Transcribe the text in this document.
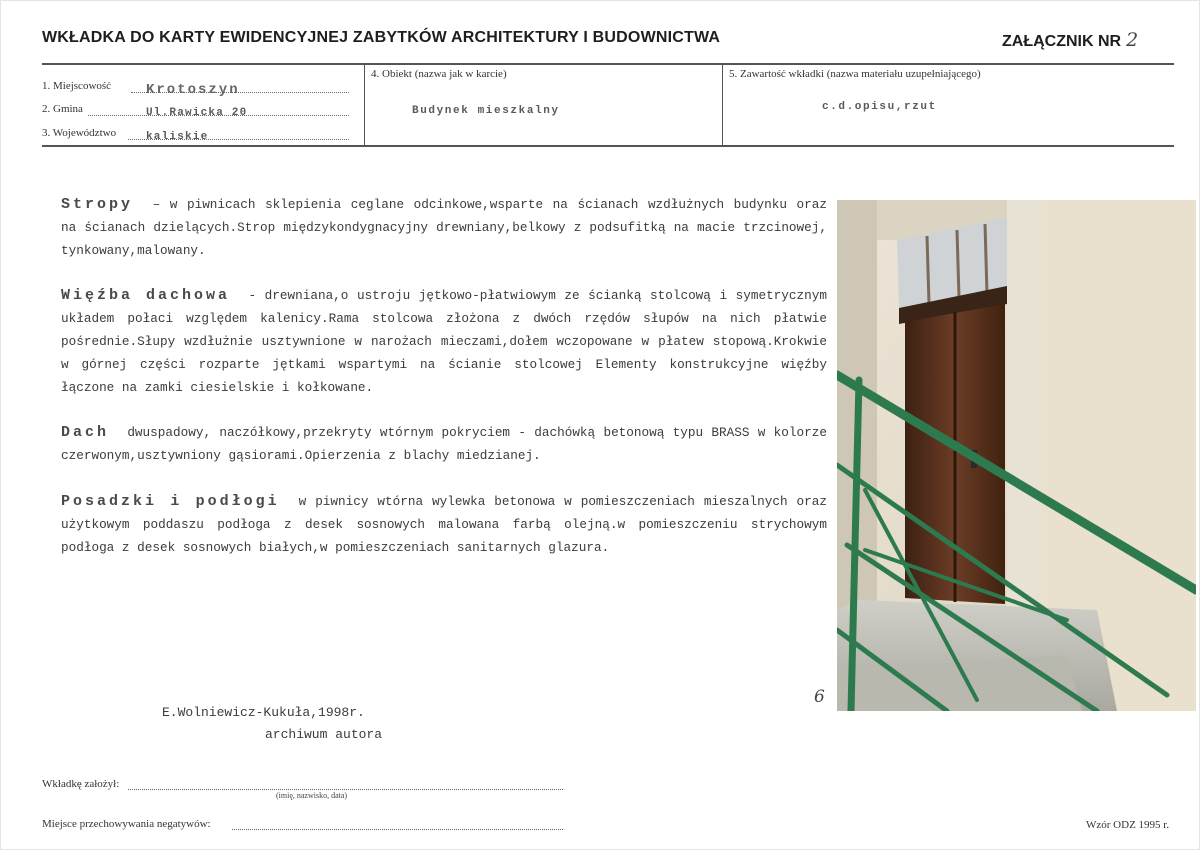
WKŁADKA DO KARTY EWIDENCYJNEJ ZABYTKÓW ARCHITEKTURY I BUDOWNICTWA	ZAŁĄCZNIK NR 2
1. Miejscowość Krotoszyn
2. Gmina	Ul.Rawicka 20
3. Województwo	kaliskie
4. Obiekt (nazwa jak w karcie)
Budynek mieszkalny
5. Zawartość wkładki (nazwa materiału uzupełniającego)
c.d.opisu,rzut

Stropy – w piwnicach sklepienia ceglane odcinkowe,wsparte na ścianach wzdłużnych budynku oraz na ścianach dzielących.Strop międzykondygnacyjny drewniany,belkowy z podsufitką na macie trzcinowej, tynkowany,malowany.

Więźba dachowa - drewniana,o ustroju jętkowo-płatwiowym ze ścianką stolcową i symetrycznym układem połaci względem kalenicy.Rama stolcowa złożona z dwóch rzędów słupów na nich płatwie pośrednie.Słupy wzdłużnie usztywnione w narożach mieczami,dołem wczopowane w płatew stopową.Krokwie w górnej części rozparte jętkami wspartymi na ścianie stolcowej Elementy konstrukcyjne więźby łączone na zamki ciesielskie i kołkowane.

Dach dwuspadowy, naczółkowy,przekryty wtórnym pokryciem - dachówką betonową typu BRASS w kolorze czerwonym,usztywniony gąsiorami.Opierzenia z blachy miedzianej.

Posadzki i podłogi w piwnicy wtórna wylewka betonowa w pomieszczeniach mieszalnych oraz użytkowym poddaszu podłoga z desek sosnowych malowana farbą olejną.w pomieszczeniu strychowym podłoga z desek sosnowych białych,w pomieszczeniach sanitarnych glazura.

6
E.Wolniewicz-Kukuła,1998r.
archiwum autora
Wkładkę założył:
(imię, nazwisko, data)
Miejsce przechowywania negatywów:	Wzór ODZ 1995 r.
